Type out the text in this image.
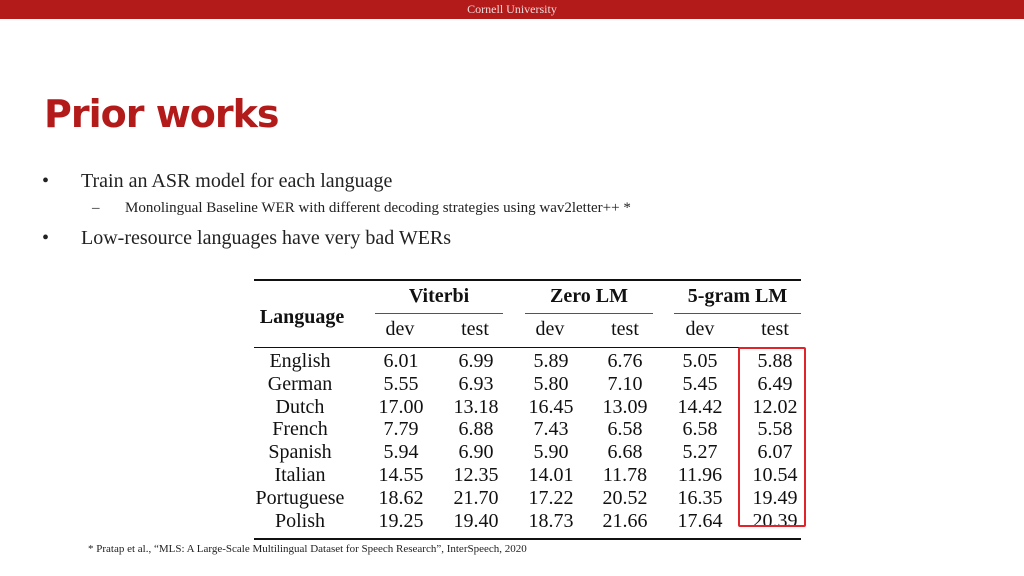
Cornell University
Prior works
• Train an ASR model for each language
– Monolingual Baseline WER with different decoding strategies using wav2letter++ *
• Low-resource languages have very bad WERs
Language
Viterbi	Zero LM	5-gram LM
dev	test	dev	test	dev	test
English	6.01	6.99	5.89	6.76	5.05	5.88
German	5.55	6.93	5.80	7.10	5.45	6.49
Dutch	17.00	13.18	16.45	13.09	14.42	12.02
French	7.79	6.88	7.43	6.58	6.58	5.58
Spanish	5.94	6.90	5.90	6.68	5.27	6.07
Italian	14.55	12.35	14.01	11.78	11.96	10.54
Portuguese	18.62	21.70	17.22	20.52	16.35	19.49
Polish	19.25	19.40	18.73	21.66	17.64	20.39
* Pratap et al., “MLS: A Large-Scale Multilingual Dataset for Speech Research”, InterSpeech, 2020
